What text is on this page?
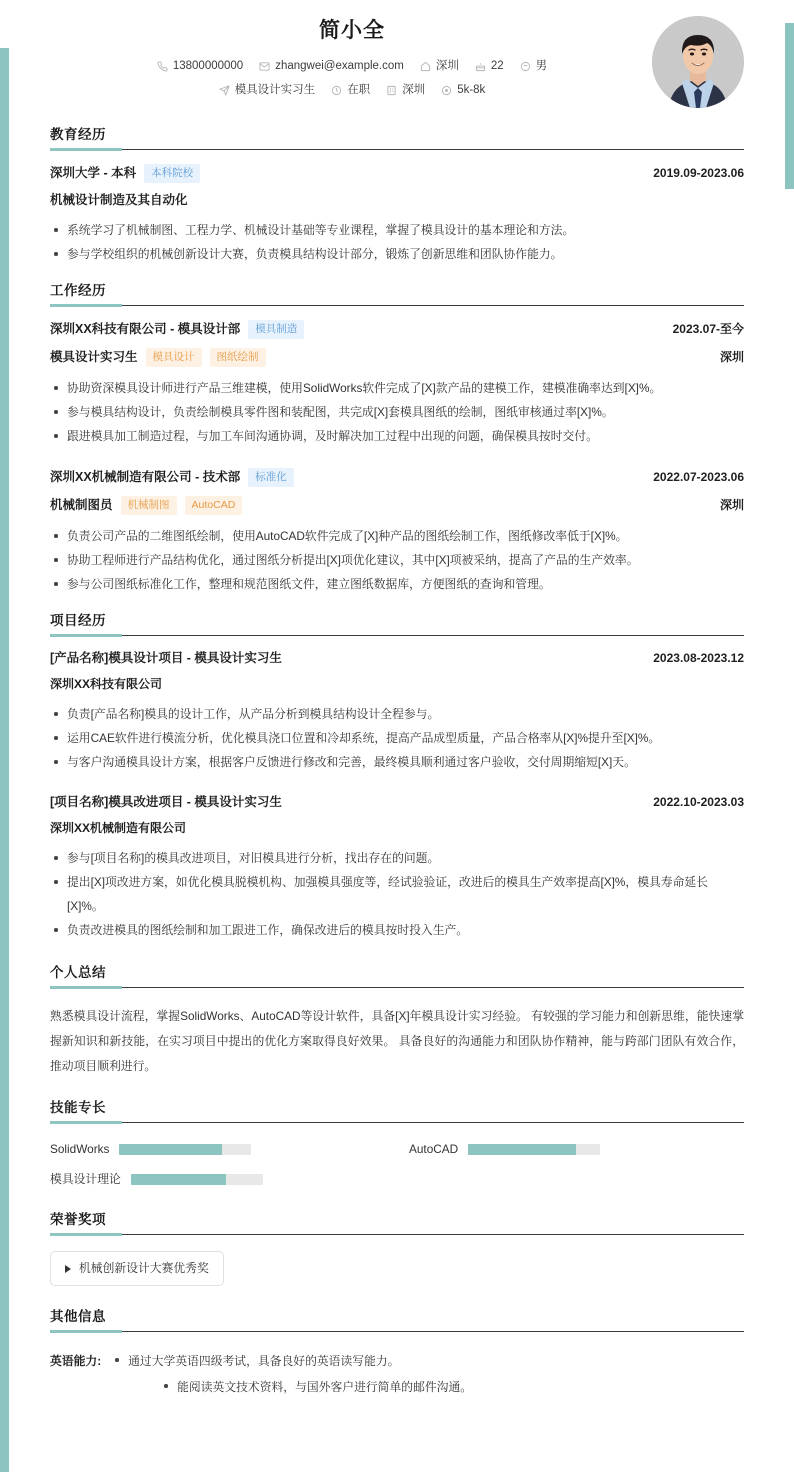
简小全
13800000000	zhangwei@example.com	深圳	22	男
模具设计实习生	在职	深圳	5k-8k
教育经历
深圳大学 - 本科	本科院校	2019.09-2023.06
机械设计制造及其自动化
系统学习了机械制图、工程力学、机械设计基础等专业课程，掌握了模具设计的基本理论和方法。
参与学校组织的机械创新设计大赛，负责模具结构设计部分，锻炼了创新思维和团队协作能力。
工作经历
深圳XX科技有限公司 - 模具设计部	模具制造	2023.07-至今
模具设计实习生	模具设计	图纸绘制	深圳
协助资深模具设计师进行产品三维建模，使用SolidWorks软件完成了[X]款产品的建模工作，建模准确率达到[X]%。
参与模具结构设计，负责绘制模具零件图和装配图，共完成[X]套模具图纸的绘制，图纸审核通过率[X]%。
跟进模具加工制造过程，与加工车间沟通协调，及时解决加工过程中出现的问题，确保模具按时交付。
深圳XX机械制造有限公司 - 技术部	标准化	2022.07-2023.06
机械制图员	机械制图	AutoCAD	深圳
负责公司产品的二维图纸绘制，使用AutoCAD软件完成了[X]种产品的图纸绘制工作，图纸修改率低于[X]%。
协助工程师进行产品结构优化，通过图纸分析提出[X]项优化建议，其中[X]项被采纳，提高了产品的生产效率。
参与公司图纸标准化工作，整理和规范图纸文件，建立图纸数据库，方便图纸的查询和管理。
项目经历
[产品名称]模具设计项目 - 模具设计实习生	2023.08-2023.12
深圳XX科技有限公司
负责[产品名称]模具的设计工作，从产品分析到模具结构设计全程参与。
运用CAE软件进行模流分析，优化模具浇口位置和冷却系统，提高产品成型质量，产品合格率从[X]%提升至[X]%。
与客户沟通模具设计方案，根据客户反馈进行修改和完善，最终模具顺利通过客户验收，交付周期缩短[X]天。
[项目名称]模具改进项目 - 模具设计实习生	2022.10-2023.03
深圳XX机械制造有限公司
参与[项目名称]的模具改进项目，对旧模具进行分析，找出存在的问题。
提出[X]项改进方案，如优化模具脱模机构、加强模具强度等，经试验验证，改进后的模具生产效率提高[X]%，模具寿命延长[X]%。
负责改进模具的图纸绘制和加工跟进工作，确保改进后的模具按时投入生产。
个人总结
熟悉模具设计流程，掌握SolidWorks、AutoCAD等设计软件，具备[X]年模具设计实习经验。 有较强的学习能力和创新思维，能快速掌握新知识和新技能，在实习项目中提出的优化方案取得良好效果。 具备良好的沟通能力和团队协作精神，能与跨部门团队有效合作，推动项目顺利进行。
技能专长
SolidWorks	AutoCAD
模具设计理论
荣誉奖项
机械创新设计大赛优秀奖
其他信息
英语能力:	通过大学英语四级考试，具备良好的英语读写能力。
能阅读英文技术资料，与国外客户进行简单的邮件沟通。
